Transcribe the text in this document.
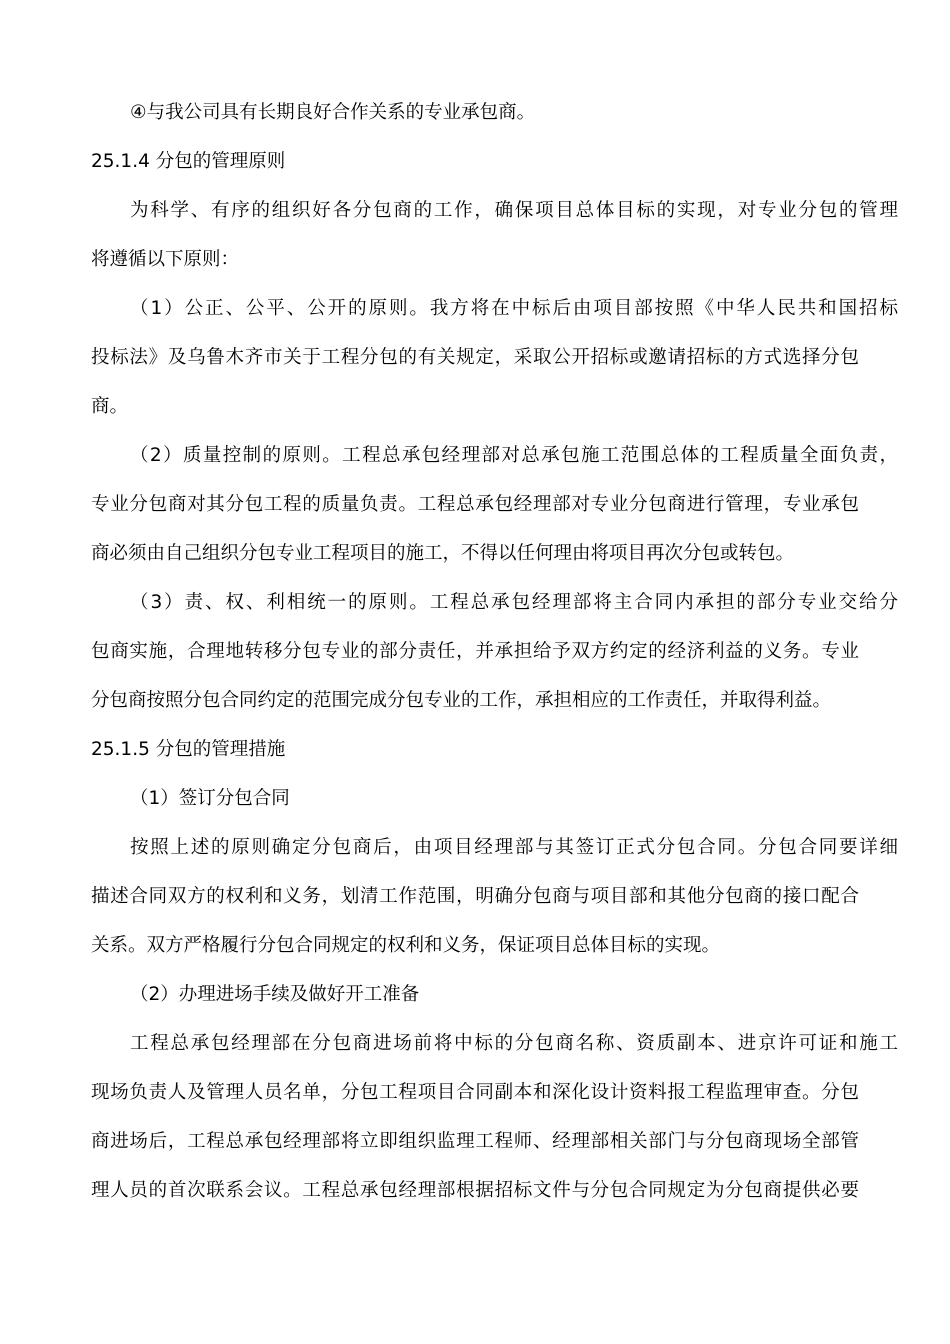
④与我公司具有长期良好合作关系的专业承包商。
25.1.4 分包的管理原则
为科学、有序的组织好各分包商的工作，确保项目总体目标的实现，对专业分包的管理
将遵循以下原则：
（1）公正、公平、公开的原则。我方将在中标后由项目部按照《中华人民共和国招标
投标法》及乌鲁木齐市关于工程分包的有关规定，采取公开招标或邀请招标的方式选择分包
商。
（2）质量控制的原则。工程总承包经理部对总承包施工范围总体的工程质量全面负责，
专业分包商对其分包工程的质量负责。工程总承包经理部对专业分包商进行管理，专业承包
商必须由自己组织分包专业工程项目的施工，不得以任何理由将项目再次分包或转包。
（3）责、权、利相统一的原则。工程总承包经理部将主合同内承担的部分专业交给分
包商实施，合理地转移分包专业的部分责任，并承担给予双方约定的经济利益的义务。专业
分包商按照分包合同约定的范围完成分包专业的工作，承担相应的工作责任，并取得利益。
25.1.5 分包的管理措施
（1）签订分包合同
按照上述的原则确定分包商后，由项目经理部与其签订正式分包合同。分包合同要详细
描述合同双方的权利和义务，划清工作范围，明确分包商与项目部和其他分包商的接口配合
关系。双方严格履行分包合同规定的权利和义务，保证项目总体目标的实现。
（2）办理进场手续及做好开工准备
工程总承包经理部在分包商进场前将中标的分包商名称、资质副本、进京许可证和施工
现场负责人及管理人员名单，分包工程项目合同副本和深化设计资料报工程监理审查。分包
商进场后，工程总承包经理部将立即组织监理工程师、经理部相关部门与分包商现场全部管
理人员的首次联系会议。工程总承包经理部根据招标文件与分包合同规定为分包商提供必要
